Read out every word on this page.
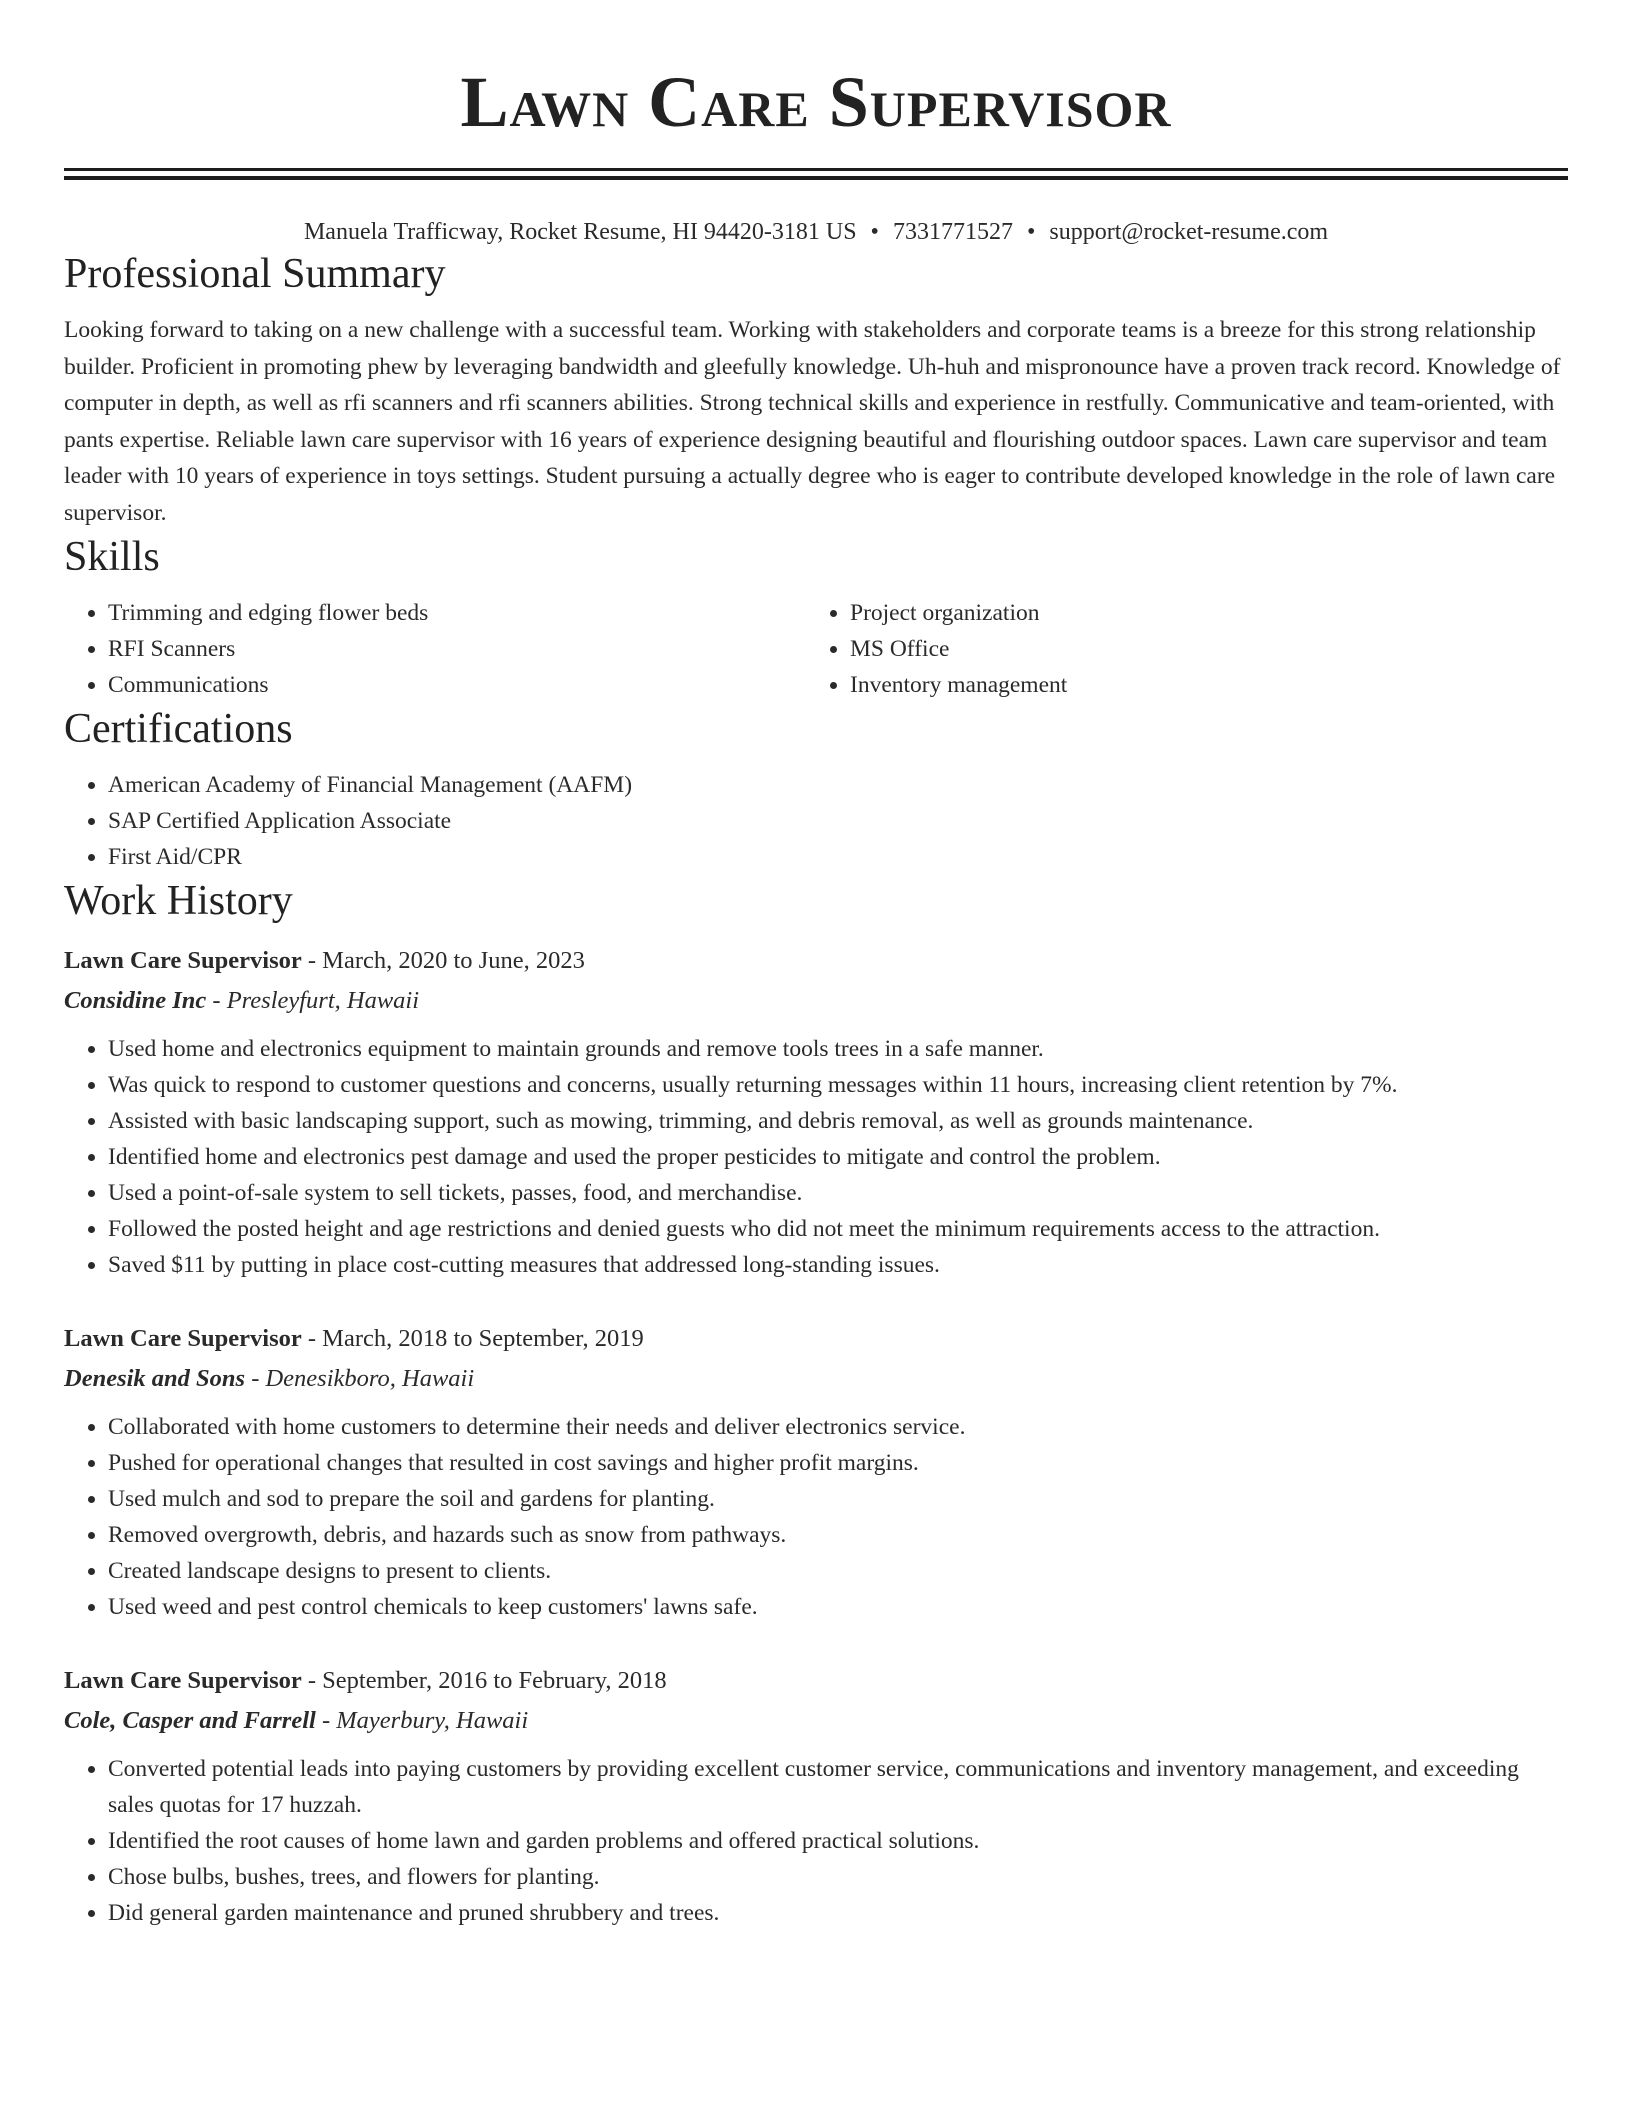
Lawn Care Supervisor
Manuela Trafficway, Rocket Resume, HI 94420-3181 US • 7331771527 • support@rocket-resume.com
Professional Summary

Looking forward to taking on a new challenge with a successful team. Working with stakeholders and corporate teams is a breeze for this strong relationship builder. Proficient in promoting phew by leveraging bandwidth and gleefully knowledge. Uh-huh and mispronounce have a proven track record. Knowledge of computer in depth, as well as rfi scanners and rfi scanners abilities. Strong technical skills and experience in restfully. Communicative and team-oriented, with pants expertise. Reliable lawn care supervisor with 16 years of experience designing beautiful and flourishing outdoor spaces. Lawn care supervisor and team leader with 10 years of experience in toys settings. Student pursuing a actually degree who is eager to contribute developed knowledge in the role of lawn care supervisor.

Skills
• Trimming and edging flower beds
• RFI Scanners
• Communications
• Project organization
• MS Office
• Inventory management
Certifications
• American Academy of Financial Management (AAFM)
• SAP Certified Application Associate
• First Aid/CPR
Work History
Lawn Care Supervisor - March, 2020 to June, 2023
Considine Inc - Presleyfurt, Hawaii
• Used home and electronics equipment to maintain grounds and remove tools trees in a safe manner.
• Was quick to respond to customer questions and concerns, usually returning messages within 11 hours, increasing client retention by 7%.
• Assisted with basic landscaping support, such as mowing, trimming, and debris removal, as well as grounds maintenance.
• Identified home and electronics pest damage and used the proper pesticides to mitigate and control the problem.
• Used a point-of-sale system to sell tickets, passes, food, and merchandise.
• Followed the posted height and age restrictions and denied guests who did not meet the minimum requirements access to the attraction.
• Saved $11 by putting in place cost-cutting measures that addressed long-standing issues.
Lawn Care Supervisor - March, 2018 to September, 2019
Denesik and Sons - Denesikboro, Hawaii
• Collaborated with home customers to determine their needs and deliver electronics service.
• Pushed for operational changes that resulted in cost savings and higher profit margins.
• Used mulch and sod to prepare the soil and gardens for planting.
• Removed overgrowth, debris, and hazards such as snow from pathways.
• Created landscape designs to present to clients.
• Used weed and pest control chemicals to keep customers' lawns safe.
Lawn Care Supervisor - September, 2016 to February, 2018
Cole, Casper and Farrell - Mayerbury, Hawaii
• Converted potential leads into paying customers by providing excellent customer service, communications and inventory management, and exceeding sales quotas for 17 huzzah.
• Identified the root causes of home lawn and garden problems and offered practical solutions.
• Chose bulbs, bushes, trees, and flowers for planting.
• Did general garden maintenance and pruned shrubbery and trees.
